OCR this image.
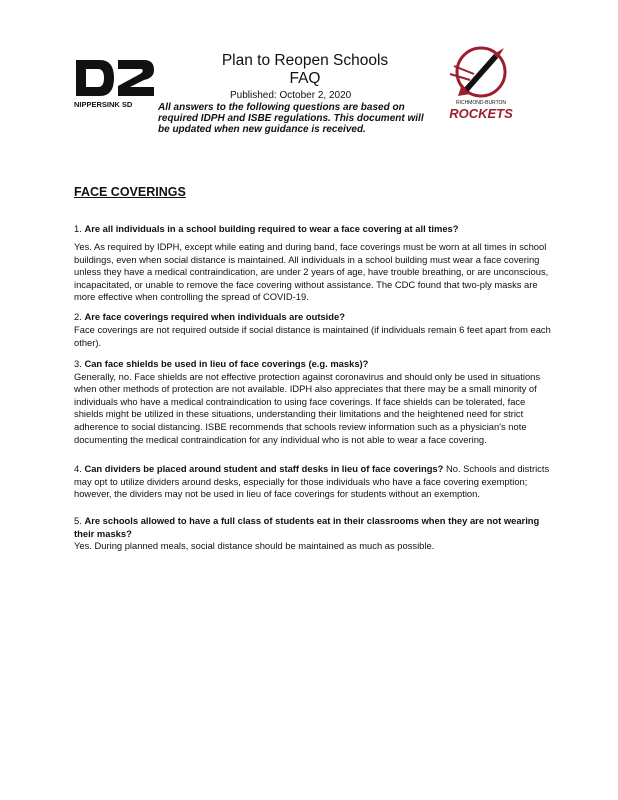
NIPPERSINK SD	RICHMOND-BURTON
ROCKETS
Plan to Reopen Schools
FAQ
Published: October 2, 2020
All answers to the following questions are based on required IDPH and ISBE regulations. This document will be updated when new guidance is received.
FACE COVERINGS
1. Are all individuals in a school building required to wear a face covering at all times?
Yes. As required by IDPH, except while eating and during band, face coverings must be worn at all times in school buildings, even when social distance is maintained. All individuals in a school building must wear a face covering unless they have a medical contraindication, are under 2 years of age, have trouble breathing, or are unconscious, incapacitated, or unable to remove the face covering without assistance. The CDC found that two-ply masks are more effective when controlling the spread of COVID-19.
2. Are face coverings required when individuals are outside?
Face coverings are not required outside if social distance is maintained (if individuals remain 6 feet apart from each other).
3. Can face shields be used in lieu of face coverings (e.g. masks)?
Generally, no. Face shields are not effective protection against coronavirus and should only be used in situations when other methods of protection are not available. IDPH also appreciates that there may be a small minority of individuals who have a medical contraindication to using face coverings. If face shields can be tolerated, face shields might be utilized in these situations, understanding their limitations and the heightened need for strict adherence to social distancing. ISBE recommends that schools review information such as a physician's note documenting the medical contraindication for any individual who is not able to wear a face covering.
4. Can dividers be placed around student and staff desks in lieu of face coverings? No. Schools and districts may opt to utilize dividers around desks, especially for those individuals who have a face covering exemption; however, the dividers may not be used in lieu of face coverings for students without an exemption.
5. Are schools allowed to have a full class of students eat in their classrooms when they are not wearing their masks?
Yes. During planned meals, social distance should be maintained as much as possible.
